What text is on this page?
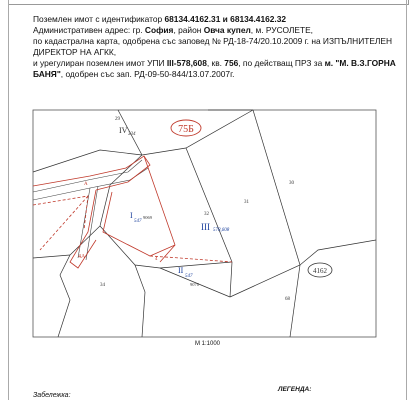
Поземлен имот с идентификатор 68134.4162.31 и 68134.4162.32
Административен адрес: гр. София, район Овча купел, м. РУСОЛЕТЕ,
по кадастрална карта, одобрена със заповед № РД-18-74/20.10.2009 г. на ИЗПЪЛНИТЕЛЕН
ДИРЕКТОР НА АГКК,
и урегулиран поземлен имот УПИ III-578,608, кв. 756, по действащ ПРЗ за м. "М. В.З.ГОРНА
БАНЯ", одобрен със зап. РД-09-50-844/13.07.2007г.
75Б
4162
29
IV 334
32
31
30
34
68
9069
9070
I
547
III 578,608
II
547
А
4А	4
М 1:1000
ЛЕГЕНДА:
Забележка:
